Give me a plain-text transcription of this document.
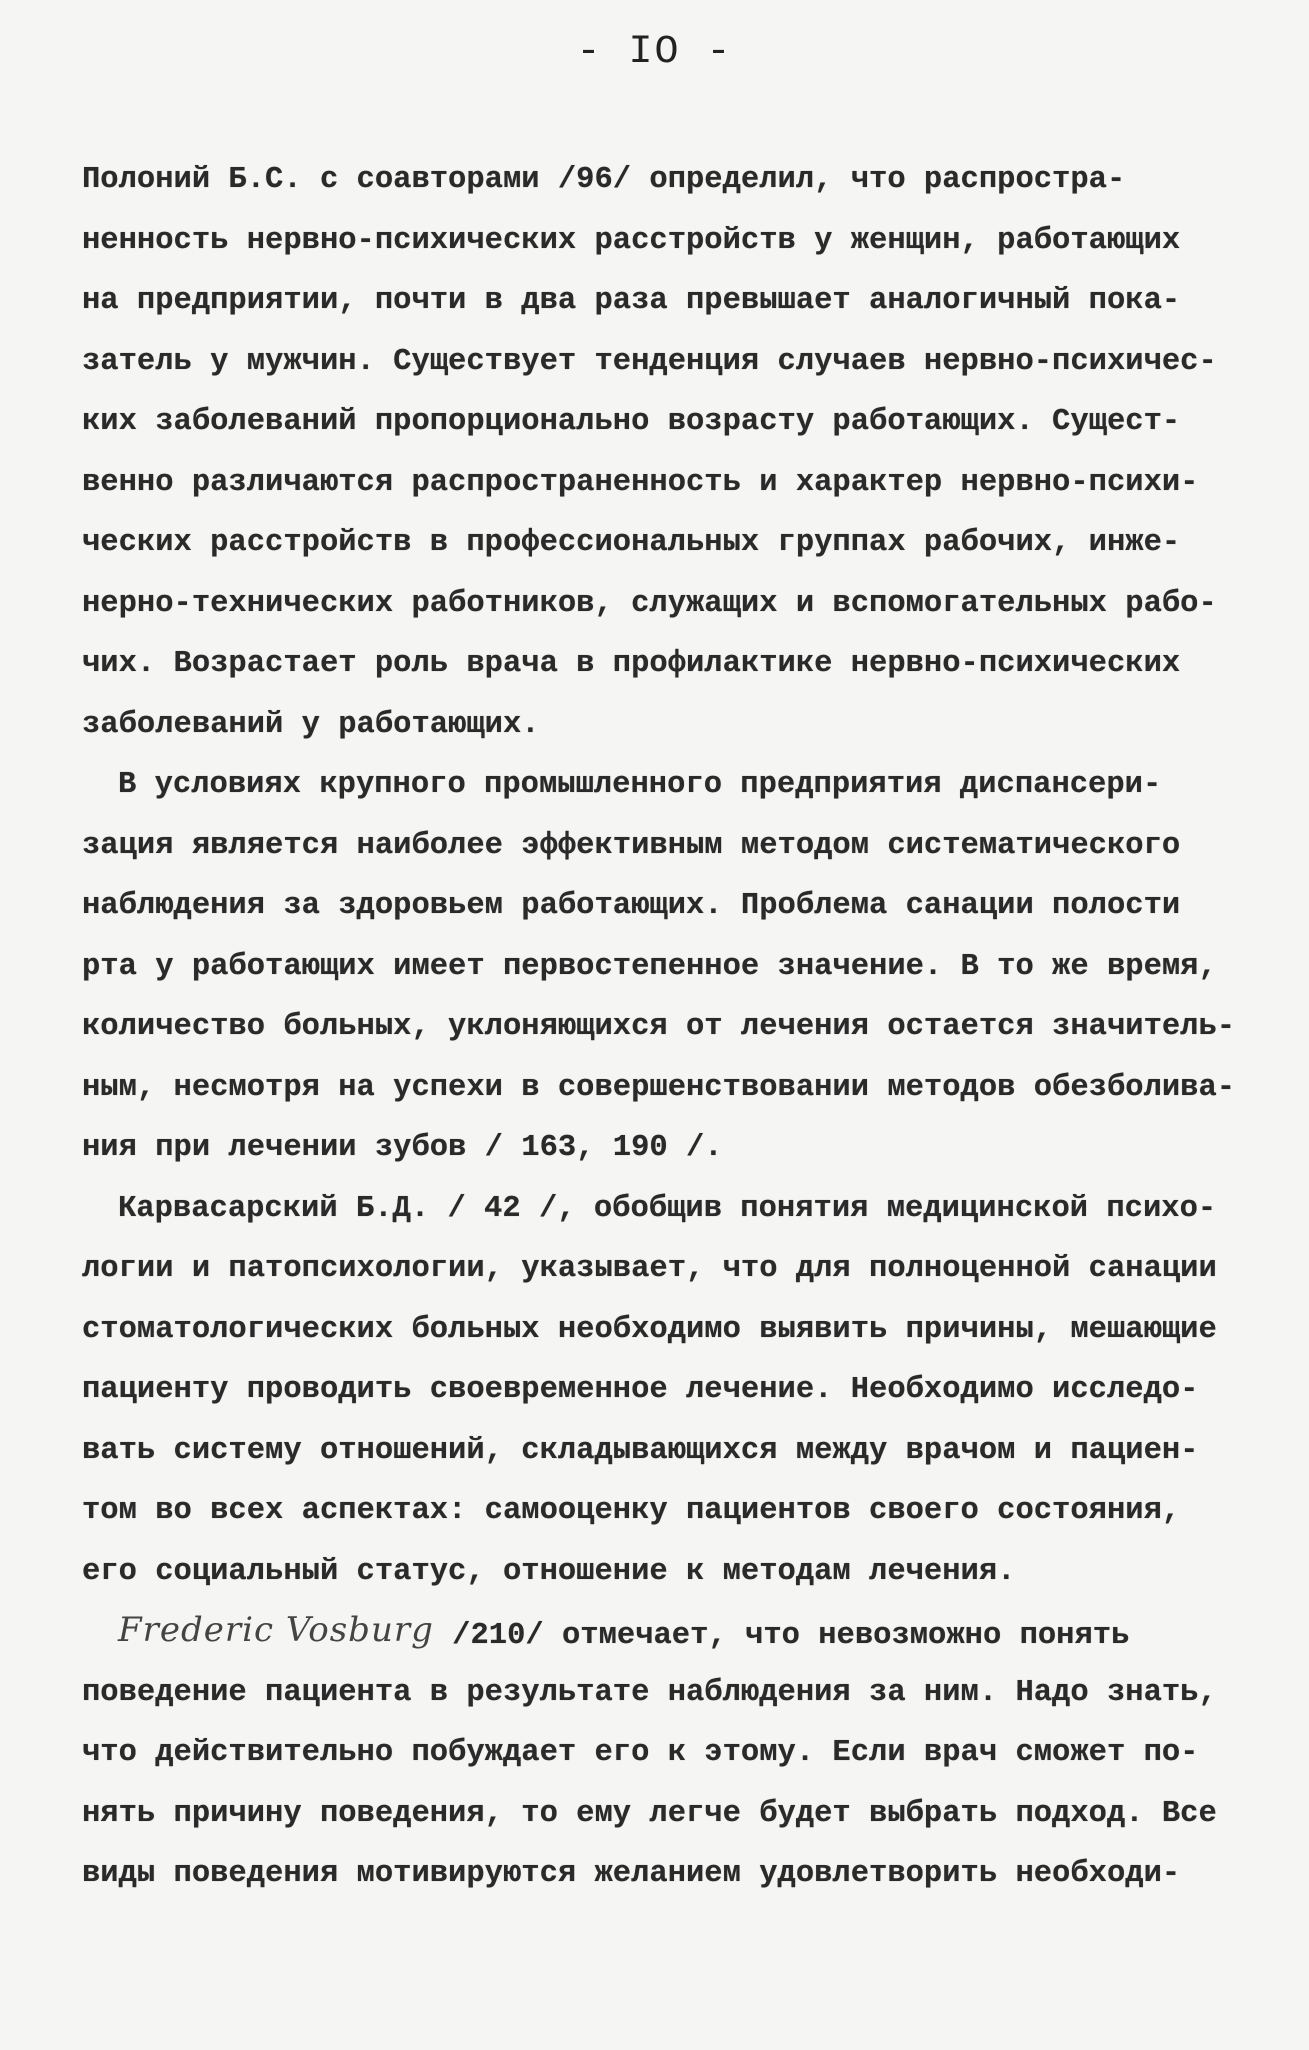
- IO -
Полоний Б.С. с соавторами /96/ определил, что распростра-
ненность нервно-психических расстройств у женщин, работающих
на предприятии, почти в два раза превышает аналогичный пока-
затель у мужчин. Существует тенденция случаев нервно-психичес-
ких заболеваний пропорционально возрасту работающих. Сущест-
венно различаются распространенность и характер нервно-психи-
ческих расстройств в профессиональных группах рабочих, инже-
нерно-технических работников, служащих и вспомогательных рабо-
чих. Возрастает роль врача в профилактике нервно-психических
заболеваний у работающих.
В условиях крупного промышленного предприятия диспансери-
зация является наиболее эффективным методом систематического
наблюдения за здоровьем работающих. Проблема санации полости
рта у работающих имеет первостепенное значение. В то же время,
количество больных, уклоняющихся от лечения остается значитель-
ным, несмотря на успехи в совершенствовании методов обезболива-
ния при лечении зубов / 163, 190 /.
Карвасарский Б.Д. / 42 /, обобщив понятия медицинской психо-
логии и патопсихологии, указывает, что для полноценной санации
стоматологических больных необходимо выявить причины, мешающие
пациенту проводить своевременное лечение. Необходимо исследо-
вать систему отношений, складывающихся между врачом и пациен-
том во всех аспектах: самооценку пациентов своего состояния,
его социальный статус, отношение к методам лечения.
Frederic Vosburg /210/ отмечает, что невозможно понять
поведение пациента в результате наблюдения за ним. Надо знать,
что действительно побуждает его к этому. Если врач сможет по-
нять причину поведения, то ему легче будет выбрать подход. Все
виды поведения мотивируются желанием удовлетворить необходи-
